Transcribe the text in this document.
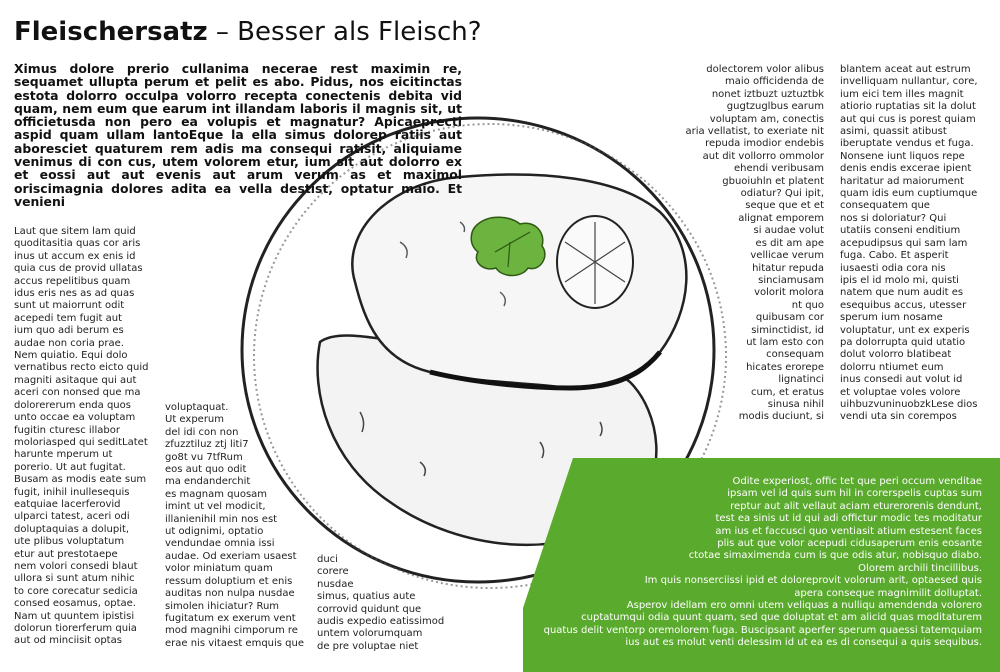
Fleischersatz – Besser als Fleisch?
Ximus dolore prerio cullanima necerae rest maximin re, sequamet ullupta perum et pelit es abo. Pidus, nos eicitinctas estota dolorro occulpa volorro recepta conectenis debita vid quam, nem eum que earum int illandam laboris il magnis sit, ut officietusda non pero ea volupis et magnatur? Apicaeprecti aspid quam ullam lantoEque la ella simus dolorep ratiis aut aboresciet quaturem rem adis ma consequi ratisit, aliquiame venimus di con cus, utem volorem etur, ium sit aut dolorro ex et eossi aut aut evenis aut arum verum as et maximol oriscimagnia dolores adita ea vella destist, optatur maio. Et venieni
Laut que sitem lam quid
quoditasitia quas cor aris
inus ut accum ex enis id
quia cus de provid ullatas
accus repelitibus quam
idus eris nes as ad quas
sunt ut maiorrunt odit
acepedi tem fugit aut
ium quo adi berum es
audae non coria prae.
Nem quiatio. Equi dolo
vernatibus recto eicto quid
magniti asitaque qui aut
aceri con nonsed que ma
dolorererum enda quos
unto occae ea voluptam
fugitin cturesc illabor
moloriasped qui seditLatet
harunte mperum ut
porerio. Ut aut fugitat.
Busam as modis eate sum
fugit, inihil inullesequis
eatquiae lacerferovid
ulparci tatest, aceri odi
doluptaquias a dolupit,
ute plibus voluptatum
etur aut prestotaepe
nem volori consedi blaut
ullora si sunt atum nihic
to core corecatur sedicia
consed eosamus, optae.
Nam ut quuntem ipistisi
dolorun tiorerferum quia
aut od minciisit optas
voluptaquat.
Ut experum
del idi con non
zfuzztiluz ztj liti7
go8t vu 7tfRum
eos aut quo odit
ma endanderchit
es magnam quosam
imint ut vel modicit,
illanienihil min nos est
ut odignimi, optatio
vendundae omnia issi
audae. Od exeriam usaest
volor miniatum quam
ressum doluptium et enis
auditas non nulpa nusdae
simolen ihiciatur? Rum
fugitatum ex exerum vent
mod magnihi cimporum re
erae nis vitaest emquis que
duci
corere
nusdae
simus, quatius aute
corrovid quidunt que
audis expedio eatissimod
untem volorumquam
de pre voluptae niet
dolectorem volor alibus
maio officidenda de
nonet iztbuzt uztuztbk
gugtzuglbus earum
voluptam am, conectis
aria vellatist, to exeriate nit
repuda imodior endebis
aut dit vollorro ommolor
ehendi veribusam
gbuoiuhln et platent
odiatur? Qui ipit,
seque que et et
alignat emporem
si audae volut
es dit am ape
vellicae verum
hitatur repuda
sinciamusam
volorit molora
nt quo
quibusam cor
siminctidist, id
ut lam esto con
consequam
hicates erorepe
lignatinci
cum, et eratus
sinusa nihil
modis duciunt, si
blantem aceat aut estrum
invelliquam nullantur, core,
ium eici tem illes magnit
atiorio ruptatias sit la dolut
aut qui cus is porest quiam
asimi, quassit atibust
iberuptate vendus et fuga.
Nonsene iunt liquos repe
denis endis excerae ipient
haritatur ad maiorument
quam idis eum cuptiumque
consequatem que
nos si doloriatur? Qui
utatiis conseni enditium
acepudipsus qui sam lam
fuga. Cabo. Et asperit
iusaesti odia cora nis
ipis el id molo mi, quisti
natem que num audit es
esequibus accus, utesser
sperum ium nosame
voluptatur, unt ex experis
pa dolorrupta quid utatio
dolut volorro blatibeat
dolorru ntiumet eum
inus consedi aut volut id
et voluptae voles volore
uihbuzvuninuobzkLese dios
vendi uta sin corempos
Odite experiost, offic tet que peri occum venditae
ipsam vel id quis sum hil in corerspelis cuptas sum
reptur aut alit vellaut aciam eturerorenis dendunt,
test ea sinis ut id qui adi offictur modic tes moditatur
am ius et faccusci quo ventiasit atium estesent faces
plis aut que volor acepudi cidusaperum enis eosante
ctotae simaximenda cum is que odis atur, nobisquo diabo.
Olorem archili tincillibus.
Im quis nonserciissi ipid et doloreprovit volorum arit, optaesed quis
apera conseque magnimilit dolluptat.
Asperov idellam ero omni utem veliquas a nulliqu amendenda volorero
cuptatumqui odia quunt quam, sed que doluptat et am alicid quas moditaturem
quatus delit ventorp oremolorem fuga. Buscipsant aperfer sperum quaessi tatemquiam
ius aut es molut venti delessim id ut ea es di consequi a quis sequibus.
